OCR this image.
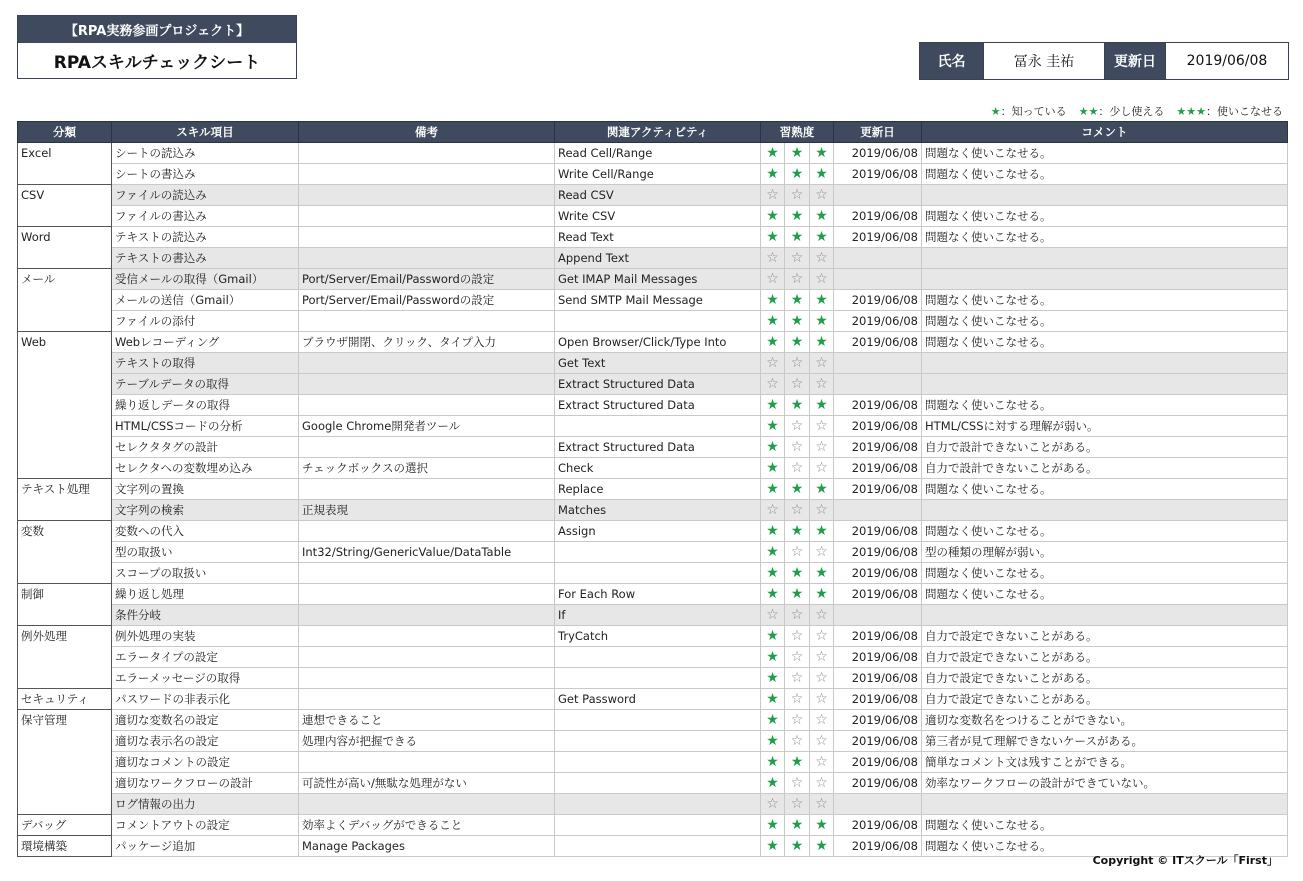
【RPA実務参画プロジェクト】
RPAスキルチェックシート	氏名	冨永 圭祐	更新日	2019/06/08
★：知っている ★★：少し使える ★★★：使いこなせる
分類	スキル項目	備考	関連アクティビティ	習熟度			更新日	コメント
Excel	シートの読込み		Read Cell/Range	★	★	★	2019/06/08	問題なく使いこなせる。
	シートの書込み		Write Cell/Range	★	★	★	2019/06/08	問題なく使いこなせる。
CSV	ファイルの読込み		Read CSV	☆	☆	☆		
	ファイルの書込み		Write CSV	★	★	★	2019/06/08	問題なく使いこなせる。
Word	テキストの読込み		Read Text	★	★	★	2019/06/08	問題なく使いこなせる。
	テキストの書込み		Append Text	☆	☆	☆		
メール	受信メールの取得（Gmail）	Port/Server/Email/Passwordの設定	Get IMAP Mail Messages	☆	☆	☆		
	メールの送信（Gmail）	Port/Server/Email/Passwordの設定	Send SMTP Mail Message	★	★	★	2019/06/08	問題なく使いこなせる。
	ファイルの添付			★	★	★	2019/06/08	問題なく使いこなせる。
Web	Webレコーディング	ブラウザ開閉、クリック、タイプ入力	Open Browser/Click/Type Into	★	★	★	2019/06/08	問題なく使いこなせる。
	テキストの取得		Get Text	☆	☆	☆		
	テーブルデータの取得		Extract Structured Data	☆	☆	☆		
	繰り返しデータの取得		Extract Structured Data	★	★	★	2019/06/08	問題なく使いこなせる。
	HTML/CSSコードの分析	Google Chrome開発者ツール		★	☆	☆	2019/06/08	HTML/CSSに対する理解が弱い。
	セレクタタグの設計		Extract Structured Data	★	☆	☆	2019/06/08	自力で設計できないことがある。
	セレクタへの変数埋め込み	チェックボックスの選択	Check	★	☆	☆	2019/06/08	自力で設計できないことがある。
テキスト処理	文字列の置換		Replace	★	★	★	2019/06/08	問題なく使いこなせる。
	文字列の検索	正規表現	Matches	☆	☆	☆		
変数	変数への代入		Assign	★	★	★	2019/06/08	問題なく使いこなせる。
	型の取扱い	Int32/String/GenericValue/DataTable		★	☆	☆	2019/06/08	型の種類の理解が弱い。
	スコープの取扱い			★	★	★	2019/06/08	問題なく使いこなせる。
制御	繰り返し処理		For Each Row	★	★	★	2019/06/08	問題なく使いこなせる。
	条件分岐		If	☆	☆	☆		
例外処理	例外処理の実装		TryCatch	★	☆	☆	2019/06/08	自力で設定できないことがある。
	エラータイプの設定			★	☆	☆	2019/06/08	自力で設定できないことがある。
	エラーメッセージの取得			★	☆	☆	2019/06/08	自力で設定できないことがある。
セキュリティ	パスワードの非表示化		Get Password	★	☆	☆	2019/06/08	自力で設定できないことがある。
保守管理	適切な変数名の設定	連想できること		★	☆	☆	2019/06/08	適切な変数名をつけることができない。
	適切な表示名の設定	処理内容が把握できる		★	☆	☆	2019/06/08	第三者が見て理解できないケースがある。
	適切なコメントの設定			★	★	☆	2019/06/08	簡単なコメント文は残すことができる。
	適切なワークフローの設計	可読性が高い/無駄な処理がない		★	☆	☆	2019/06/08	効率なワークフローの設計ができていない。
	ログ情報の出力			☆	☆	☆		
デバッグ	コメントアウトの設定	効率よくデバッグができること		★	★	★	2019/06/08	問題なく使いこなせる。
環境構築	パッケージ追加	Manage Packages		★	★	★	2019/06/08	問題なく使いこなせる。
Copyright © ITスクール「First」
